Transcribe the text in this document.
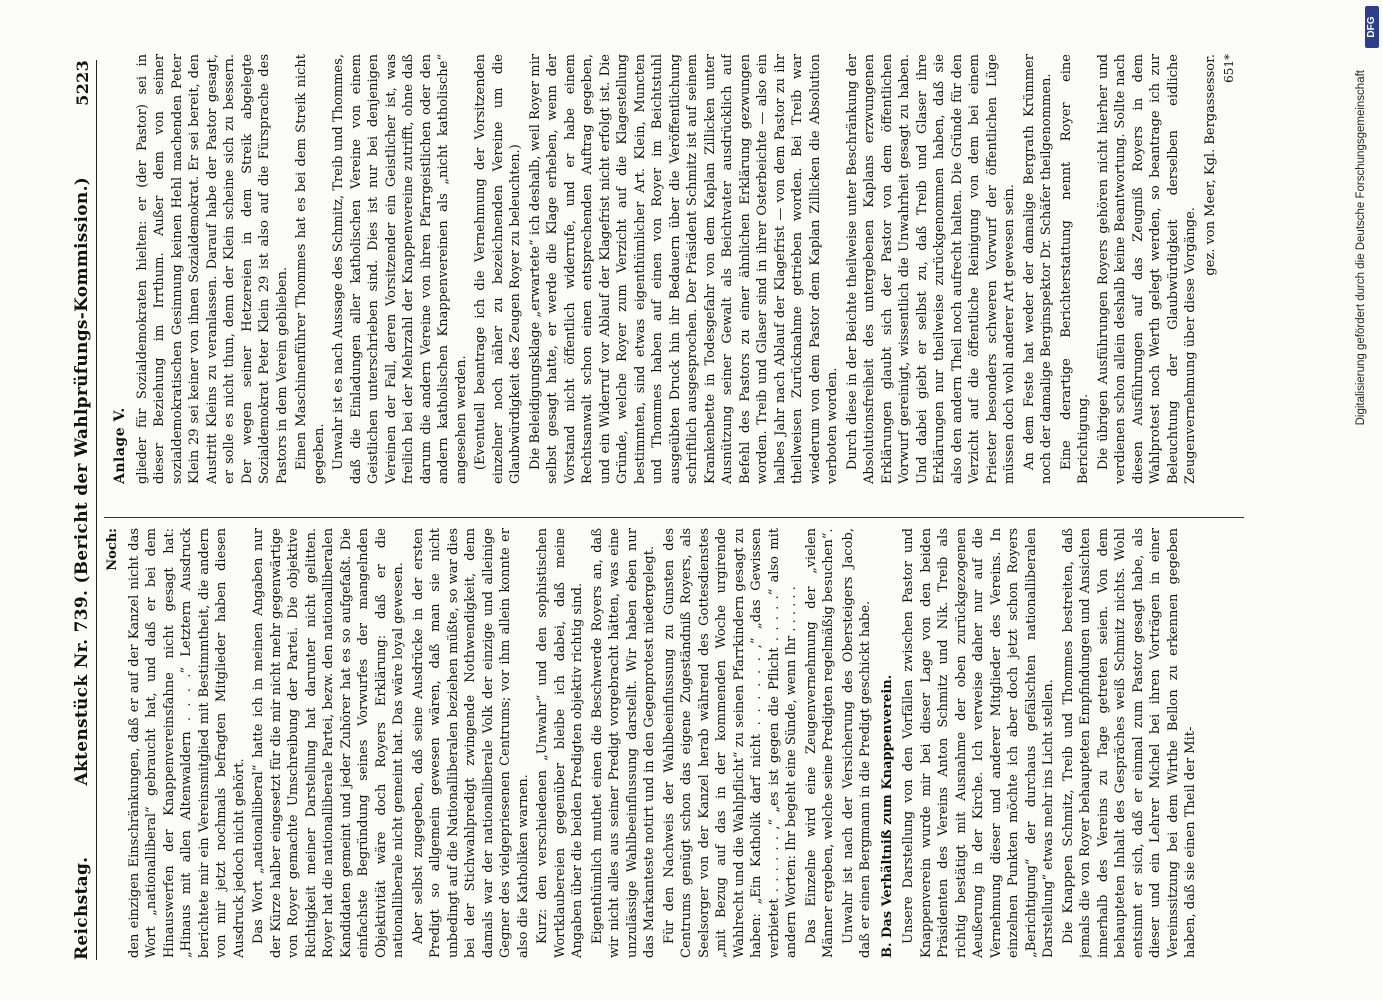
Reichstag.
Aktenstück Nr. 739. (Bericht der Wahlprüfungs-Kommission.)
5223

Noch: den einzigen Einschränkungen, daß er auf der Kanzel nicht das Wort „nationalliberal“ gebraucht hat, und daß er bei dem Hinauswerfen der Knappenvereinsfahne nicht gesagt hat: „Hinaus mit allen Altenwaldern . . . .“ Letztern Ausdruck berichtete mir ein Vereinsmitglied mit Bestimmtheit, die andern von mir jetzt nochmals befragten Mitglieder haben diesen Ausdruck jedoch nicht gehört. Das Wort „nationalliberal“ hatte ich in meinen Angaben nur der Kürze halber eingesetzt für die mir nicht mehr gegenwärtige von Royer gemachte Umschreibung der Partei. Die objektive Richtigkeit meiner Darstellung hat darunter nicht gelitten. Royer hat die nationalliberale Partei, bezw. den nationalliberalen Kandidaten gemeint und jeder Zuhörer hat es so aufgefaßt. Die einfachste Begründung seines Vorwurfes der mangelnden Objektivität wäre doch Royers Erklärung: daß er die nationalliberale nicht gemeint hat. Das wäre loyal gewesen. Aber selbst zugegeben, daß seine Ausdrücke in der ersten Predigt so allgemein gewesen wären, daß man sie nicht unbedingt auf die Nationalliberalen beziehen müßte, so war dies bei der Stichwahlpredigt zwingende Nothwendigkeit, denn damals war der nationalliberale Volk der einzige und alleinige Gegner des vielgepriesenen Centrums; vor ihm allein konnte er also die Katholiken warnen. Kurz: den verschiedenen „Unwahr“ und den sophistischen Wortklaubereien gegenüber bleibe ich dabei, daß meine Angaben über die beiden Predigten objektiv richtig sind. Eigenthümlich muthet einen die Beschwerde Royers an, daß wir nicht alles aus seiner Predigt vorgebracht hätten, was eine unzulässige Wahlbeeinflussung darstellt. Wir haben eben nur das Markanteste notirt und in den Gegenprotest niedergelegt. Für den Nachweis der Wahlbeeinflussung zu Gunsten des Centrums genügt schon das eigene Zugeständniß Royers, als Seelsorger von der Kanzel herab während des Gottesdienstes „mit Bezug auf das in der kommenden Woche urgirende Wahlrecht und die Wahlpflicht“ zu seinen Pfarrkindern gesagt zu haben: „Ein Katholik darf nicht . . . . . . ,“ „das Gewissen verbietet . . . . . . ,“ „es ist gegen die Pflicht . . . . .“ also mit andern Worten: Ihr begeht eine Sünde, wenn Ihr . . . . . . Das Einzelne wird eine Zeugenvernehmung der „vielen Männer ergeben, welche seine Predigten regelmäßig besuchen“. Unwahr ist nach der Versicherung des Obersteigers Jacob, daß er einen Bergmann in die Predigt geschickt habe. B. Das Verhältniß zum Knappenverein. Unsere Darstellung von den Vorfällen zwischen Pastor und Knappenverein wurde mir bei dieser Lage von den beiden Präsidenten des Vereins Anton Schmitz und Nik. Treib als richtig bestätigt mit Ausnahme der oben zurückgezogenen Aeußerung in der Kirche. Ich verweise daher nur auf die Vernehmung dieser und anderer Mitglieder des Vereins. In einzelnen Punkten möchte ich aber doch jetzt schon Royers „Berichtigung“ der durchaus gefälschten nationalliberalen Darstellung“ etwas mehr ins Licht stellen. Die Knappen Schmitz, Treib und Thommes bestreiten, daß jemals die von Royer behaupteten Empfindungen und Ansichten innerhalb des Vereins zu Tage getreten seien. Von dem behaupteten Inhalt des Gespräches weiß Schmitz nichts. Wohl entsinnt er sich, daß er einmal zum Pastor gesagt habe, als dieser und ein Lehrer Michel bei ihren Vorträgen in einer Vereinssitzung bei dem Wirthe Bellon zu erkennen gegeben haben, daß sie einen Theil der Mit-

Anlage V. glieder für Sozialdemokraten hielten: er (der Pastor) sei in dieser Beziehung im Irrthum. Außer dem von seiner sozialdemokratischen Gesinnung keinen Hehl machenden Peter Klein 29 sei keiner von ihnen Sozialdemokrat. Er sei bereit, den Austritt Kleins zu veranlassen. Darauf habe der Pastor gesagt, er solle es nicht thun, denn der Klein scheine sich zu bessern. Der wegen seiner Hetzereien in dem Streik abgelegte Sozialdemokrat Peter Klein 29 ist also auf die Fürsprache des Pastors in dem Verein geblieben. Einen Maschinenführer Thommes hat es bei dem Streik nicht gegeben. Unwahr ist es nach Aussage des Schmitz, Treib und Thommes, daß die Einladungen aller katholischen Vereine von einem Geistlichen unterschrieben sind. Dies ist nur bei denjenigen Vereinen der Fall, deren Vorsitzender ein Geistlicher ist, was freilich bei der Mehrzahl der Knappenvereine zutrifft, ohne daß darum die andern Vereine von ihren Pfarrgeistlichen oder den andern katholischen Knappenvereinen als „nicht katholische“ angesehen werden. (Eventuell beantrage ich die Vernehmung der Vorsitzenden einzelner noch näher zu bezeichnenden Vereine um die Glaubwürdigkeit des Zeugen Royer zu beleuchten.) Die Beleidigungsklage „erwartete“ ich deshalb, weil Royer mir selbst gesagt hatte, er werde die Klage erheben, wenn der Vorstand nicht öffentlich widerrufe, und er habe einem Rechtsanwalt schon einen entsprechenden Auftrag gegeben, und ein Widerruf vor Ablauf der Klagefrist nicht erfolgt ist. Die Gründe, welche Royer zum Verzicht auf die Klagestellung bestimmten, sind etwas eigenthümlicher Art. Klein, Muncten und Thommes haben auf einen von Royer im Beichtstuhl ausgeübten Druck hin ihr Bedauern über die Veröffentlichung schriftlich ausgesprochen. Der Präsident Schmitz ist auf seinem Krankenbette in Todesgefahr von dem Kaplan Zillicken unter Ausnützung seiner Gewalt als Beichtvater ausdrücklich auf Befehl des Pastors zu einer ähnlichen Erklärung gezwungen worden. Treib und Glaser sind in ihrer Osterbeichte — also ein halbes Jahr nach Ablauf der Klagefrist — von dem Pastor zu ihr theilweisen Zurücknahme getrieben worden. Bei Treib war wiederum von dem Pastor dem Kaplan Zillicken die Absolution verboten worden. Durch diese in der Beichte theilweise unter Beschränkung der Absolutionsfreiheit des untergebenen Kaplans erzwungenen Erklärungen glaubt sich der Pastor von dem öffentlichen Vorwurf gereinigt, wissentlich die Unwahrheit gesagt zu haben. Und dabei giebt er selbst zu, daß Treib und Glaser ihre Erklärungen nur theilweise zurückgenommen haben, daß sie also den andern Theil noch aufrecht halten. Die Gründe für den Verzicht auf die öffentliche Reinigung von dem bei einem Priester besonders schweren Vorwurf der öffentlichen Lüge müssen doch wohl anderer Art gewesen sein. An dem Feste hat weder der damalige Bergrath Krümmer noch der damalige Berginspektor Dr. Schäfer theilgenommen. Eine derartige Berichterstattung nennt Royer eine Berichtigung. Die übrigen Ausführungen Royers gehören nicht hierher und verdienen schon allein deshalb keine Beantwortung. Sollte nach diesen Ausführungen auf das Zeugniß Royers in dem Wahlprotest noch Werth gelegt werden, so beantrage ich zur Beleuchtung der Glaubwürdigkeit derselben eidliche Zeugenvernehmung über diese Vorgänge.

gez. von Meer, Kgl. Bergassessor. 651*

Digitalisierung gefördert durch die Deutsche Forschungsgemeinschaft
DFG
